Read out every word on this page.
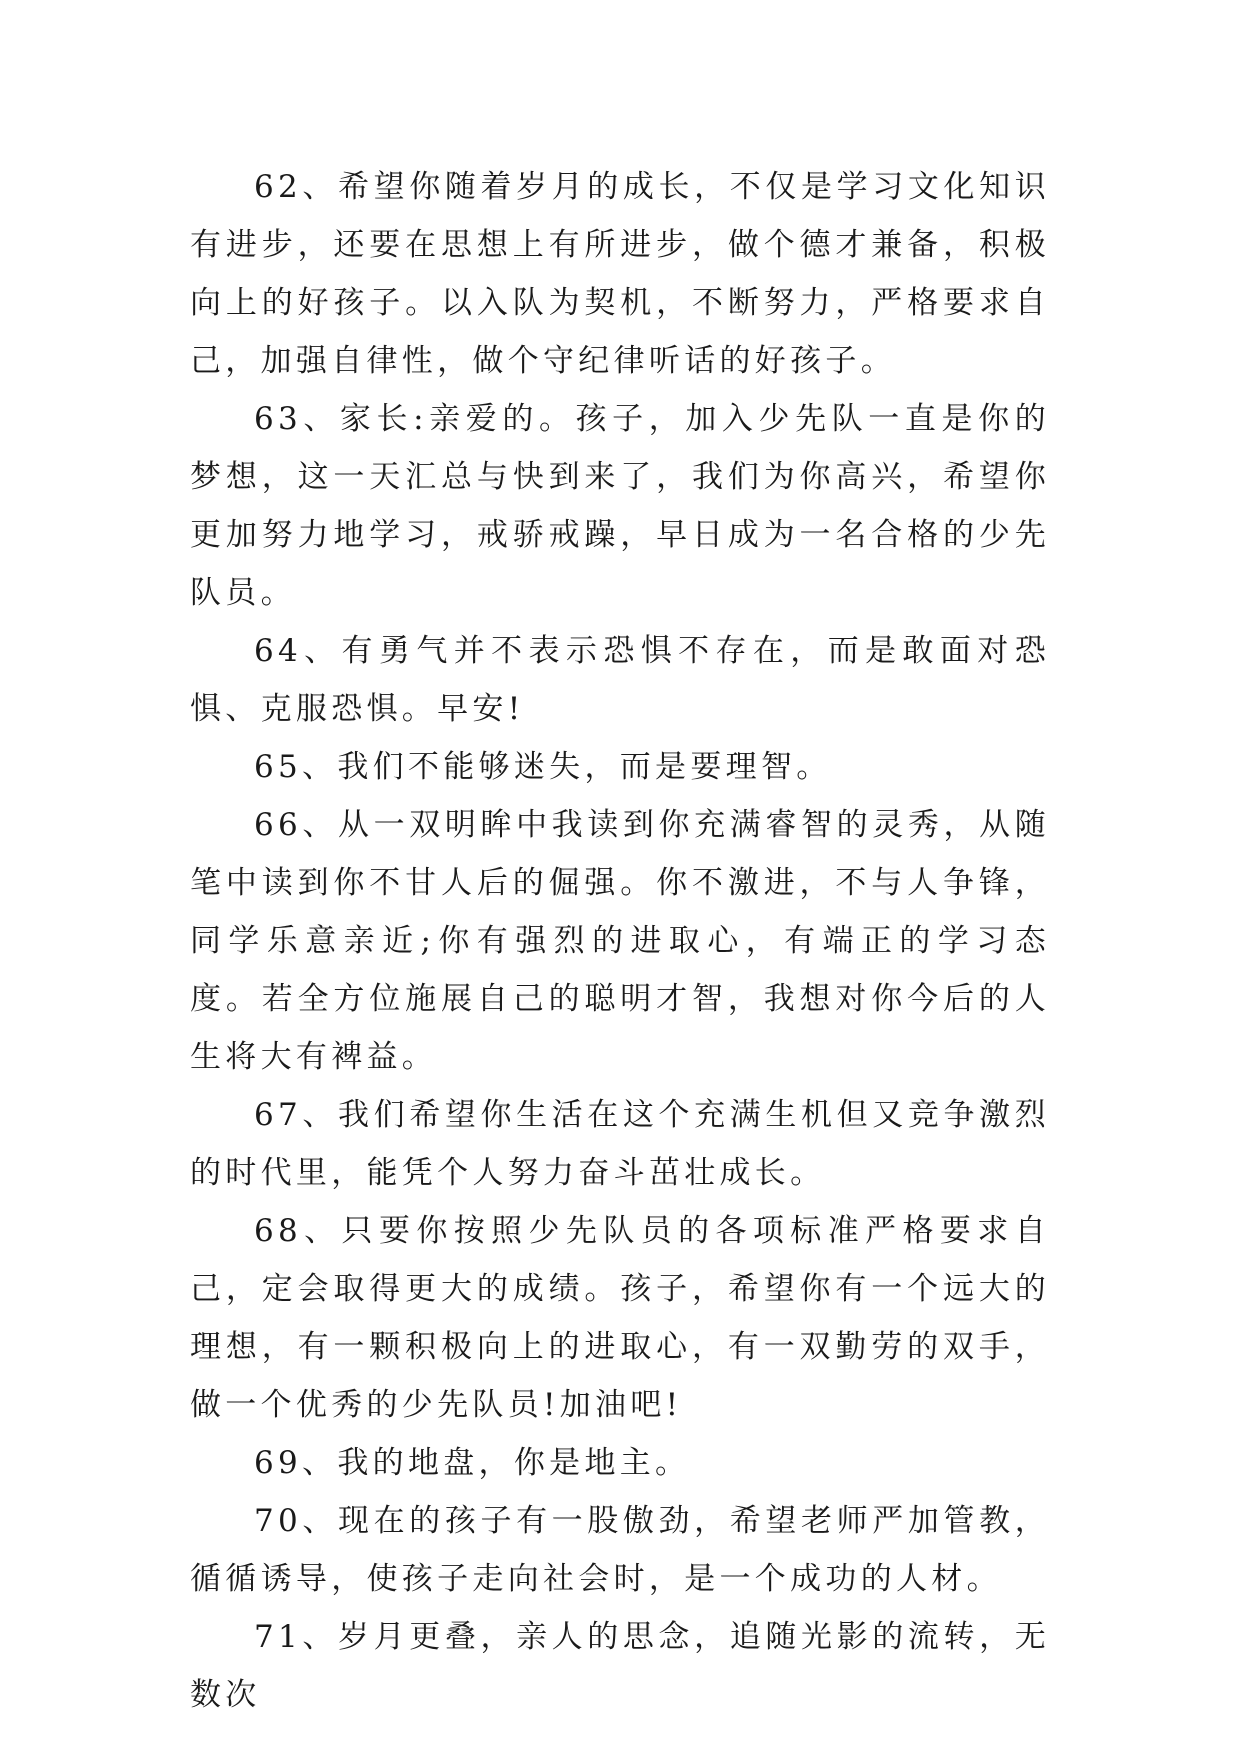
62、希望你随着岁月的成长，不仅是学习文化知识有进步，还要在思想上有所进步，做个德才兼备，积极向上的好孩子。以入队为契机，不断努力，严格要求自己，加强自律性，做个守纪律听话的好孩子。

63、家长:亲爱的。孩子，加入少先队一直是你的梦想，这一天汇总与快到来了，我们为你高兴，希望你更加努力地学习，戒骄戒躁，早日成为一名合格的少先队员。

64、有勇气并不表示恐惧不存在，而是敢面对恐惧、克服恐惧。早安!

65、我们不能够迷失，而是要理智。

66、从一双明眸中我读到你充满睿智的灵秀，从随笔中读到你不甘人后的倔强。你不激进，不与人争锋，同学乐意亲近;你有强烈的进取心，有端正的学习态度。若全方位施展自己的聪明才智，我想对你今后的人生将大有裨益。

67、我们希望你生活在这个充满生机但又竞争激烈的时代里，能凭个人努力奋斗茁壮成长。

68、只要你按照少先队员的各项标准严格要求自己，定会取得更大的成绩。孩子，希望你有一个远大的理想，有一颗积极向上的进取心，有一双勤劳的双手，做一个优秀的少先队员!加油吧!

69、我的地盘，你是地主。

70、现在的孩子有一股傲劲，希望老师严加管教，循循诱导，使孩子走向社会时，是一个成功的人材。

71、岁月更叠，亲人的思念，追随光影的流转，无数次
